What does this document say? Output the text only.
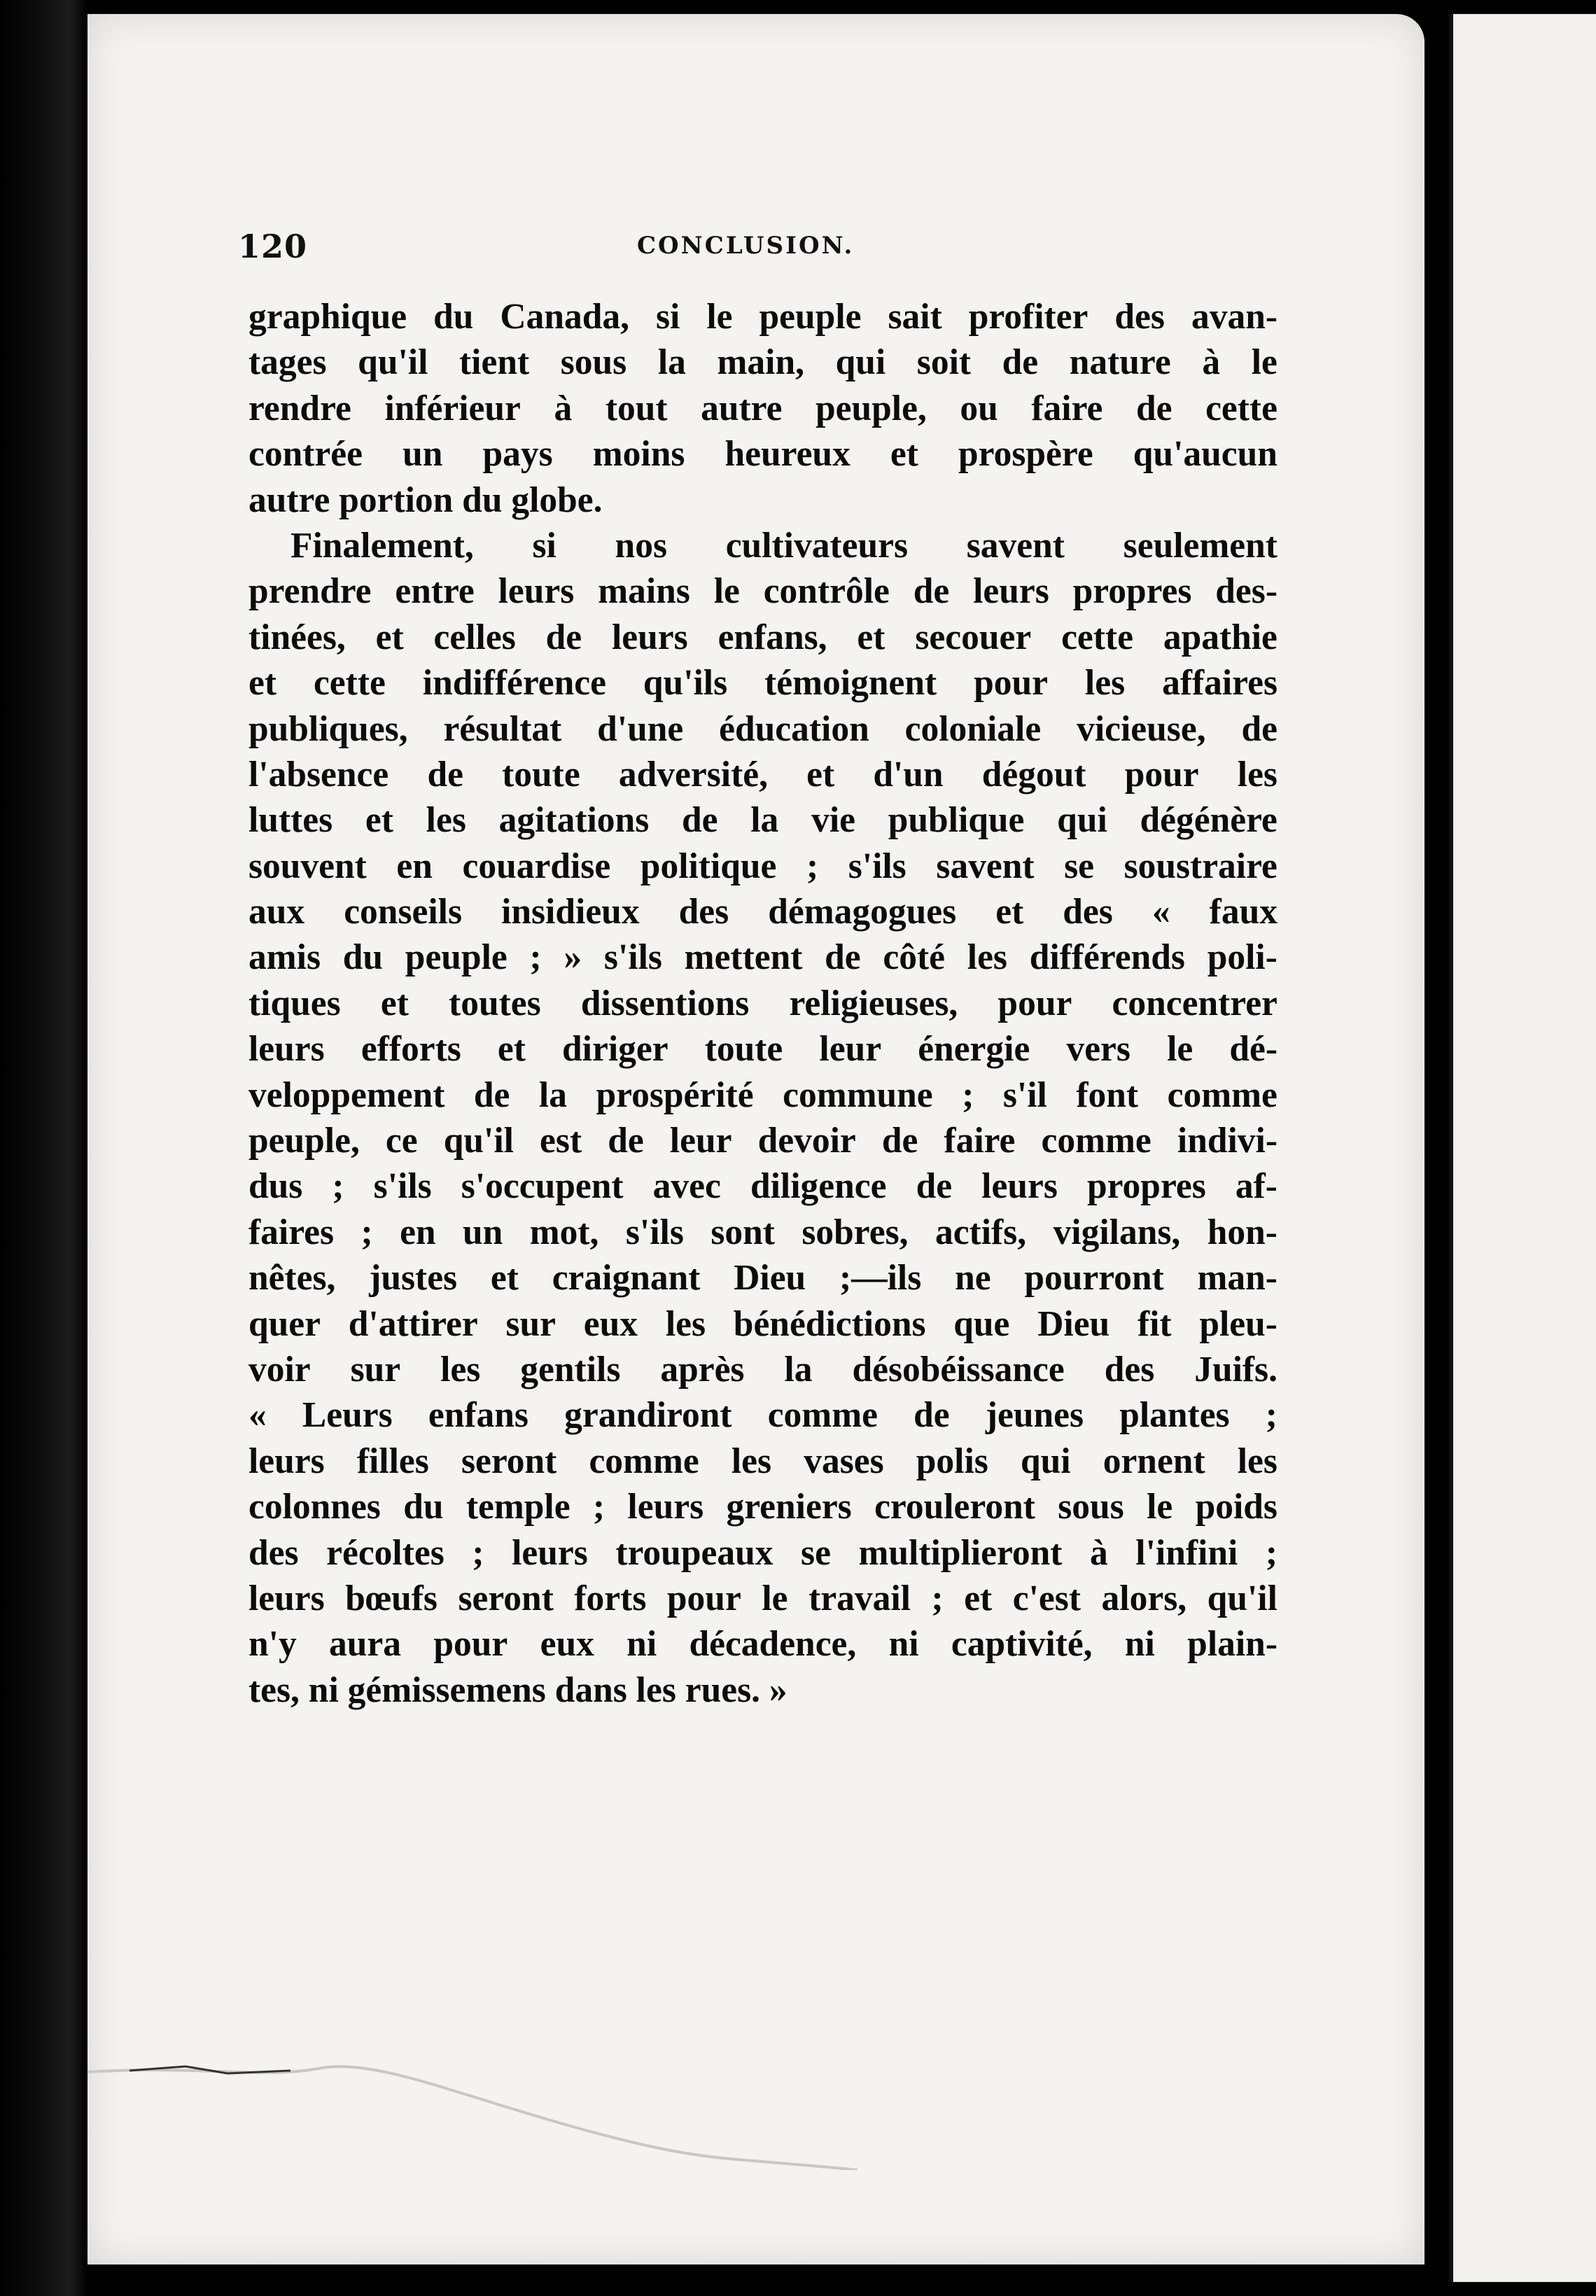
120	CONCLUSION.
graphique du Canada, si le peuple sait profiter des avan-
tages qu'il tient sous la main, qui soit de nature à le
rendre inférieur à tout autre peuple, ou faire de cette
contrée un pays moins heureux et prospère qu'aucun
autre portion du globe.
Finalement, si nos cultivateurs savent seulement
prendre entre leurs mains le contrôle de leurs propres des-
tinées, et celles de leurs enfans, et secouer cette apathie
et cette indifférence qu'ils témoignent pour les affaires
publiques, résultat d'une éducation coloniale vicieuse, de
l'absence de toute adversité, et d'un dégout pour les
luttes et les agitations de la vie publique qui dégénère
souvent en couardise politique ; s'ils savent se soustraire
aux conseils insidieux des démagogues et des « faux
amis du peuple ; » s'ils mettent de côté les différends poli-
tiques et toutes dissentions religieuses, pour concentrer
leurs efforts et diriger toute leur énergie vers le dé-
veloppement de la prospérité commune ; s'il font comme
peuple, ce qu'il est de leur devoir de faire comme indivi-
dus ; s'ils s'occupent avec diligence de leurs propres af-
faires ; en un mot, s'ils sont sobres, actifs, vigilans, hon-
nêtes, justes et craignant Dieu ;—ils ne pourront man-
quer d'attirer sur eux les bénédictions que Dieu fit pleu-
voir sur les gentils après la désobéissance des Juifs.
« Leurs enfans grandiront comme de jeunes plantes ;
leurs filles seront comme les vases polis qui ornent les
colonnes du temple ; leurs greniers crouleront sous le poids
des récoltes ; leurs troupeaux se multiplieront à l'infini ;
leurs bœufs seront forts pour le travail ; et c'est alors, qu'il
n'y aura pour eux ni décadence, ni captivité, ni plain-
tes, ni gémissemens dans les rues. »
